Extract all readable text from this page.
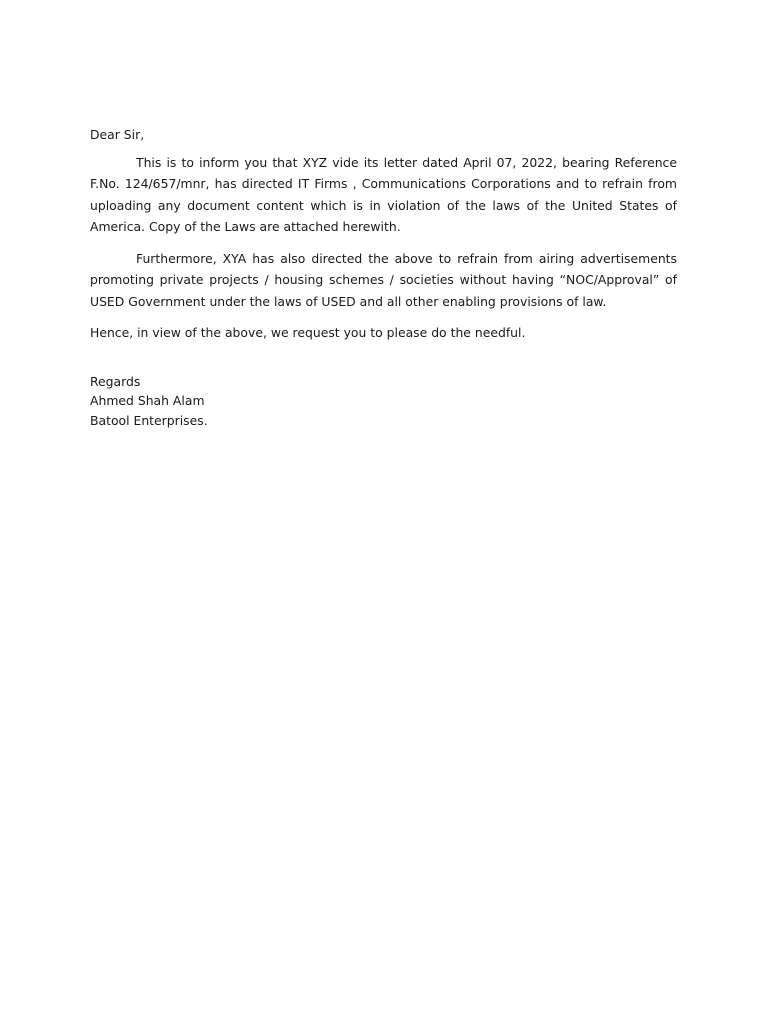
Dear Sir,

This is to inform you that XYZ vide its letter dated April 07, 2022, bearing Reference F.No. 124/657/mnr, has directed IT Firms , Communications Corporations and to refrain from uploading any document content which is in violation of the laws of the United States of America. Copy of the Laws are attached herewith.

Furthermore, XYA has also directed the above to refrain from airing advertisements promoting private projects / housing schemes / societies without having “NOC/Approval” of USED Government under the laws of USED and all other enabling provisions of law.

Hence, in view of the above, we request you to please do the needful.

Regards
Ahmed Shah Alam
Batool Enterprises.
